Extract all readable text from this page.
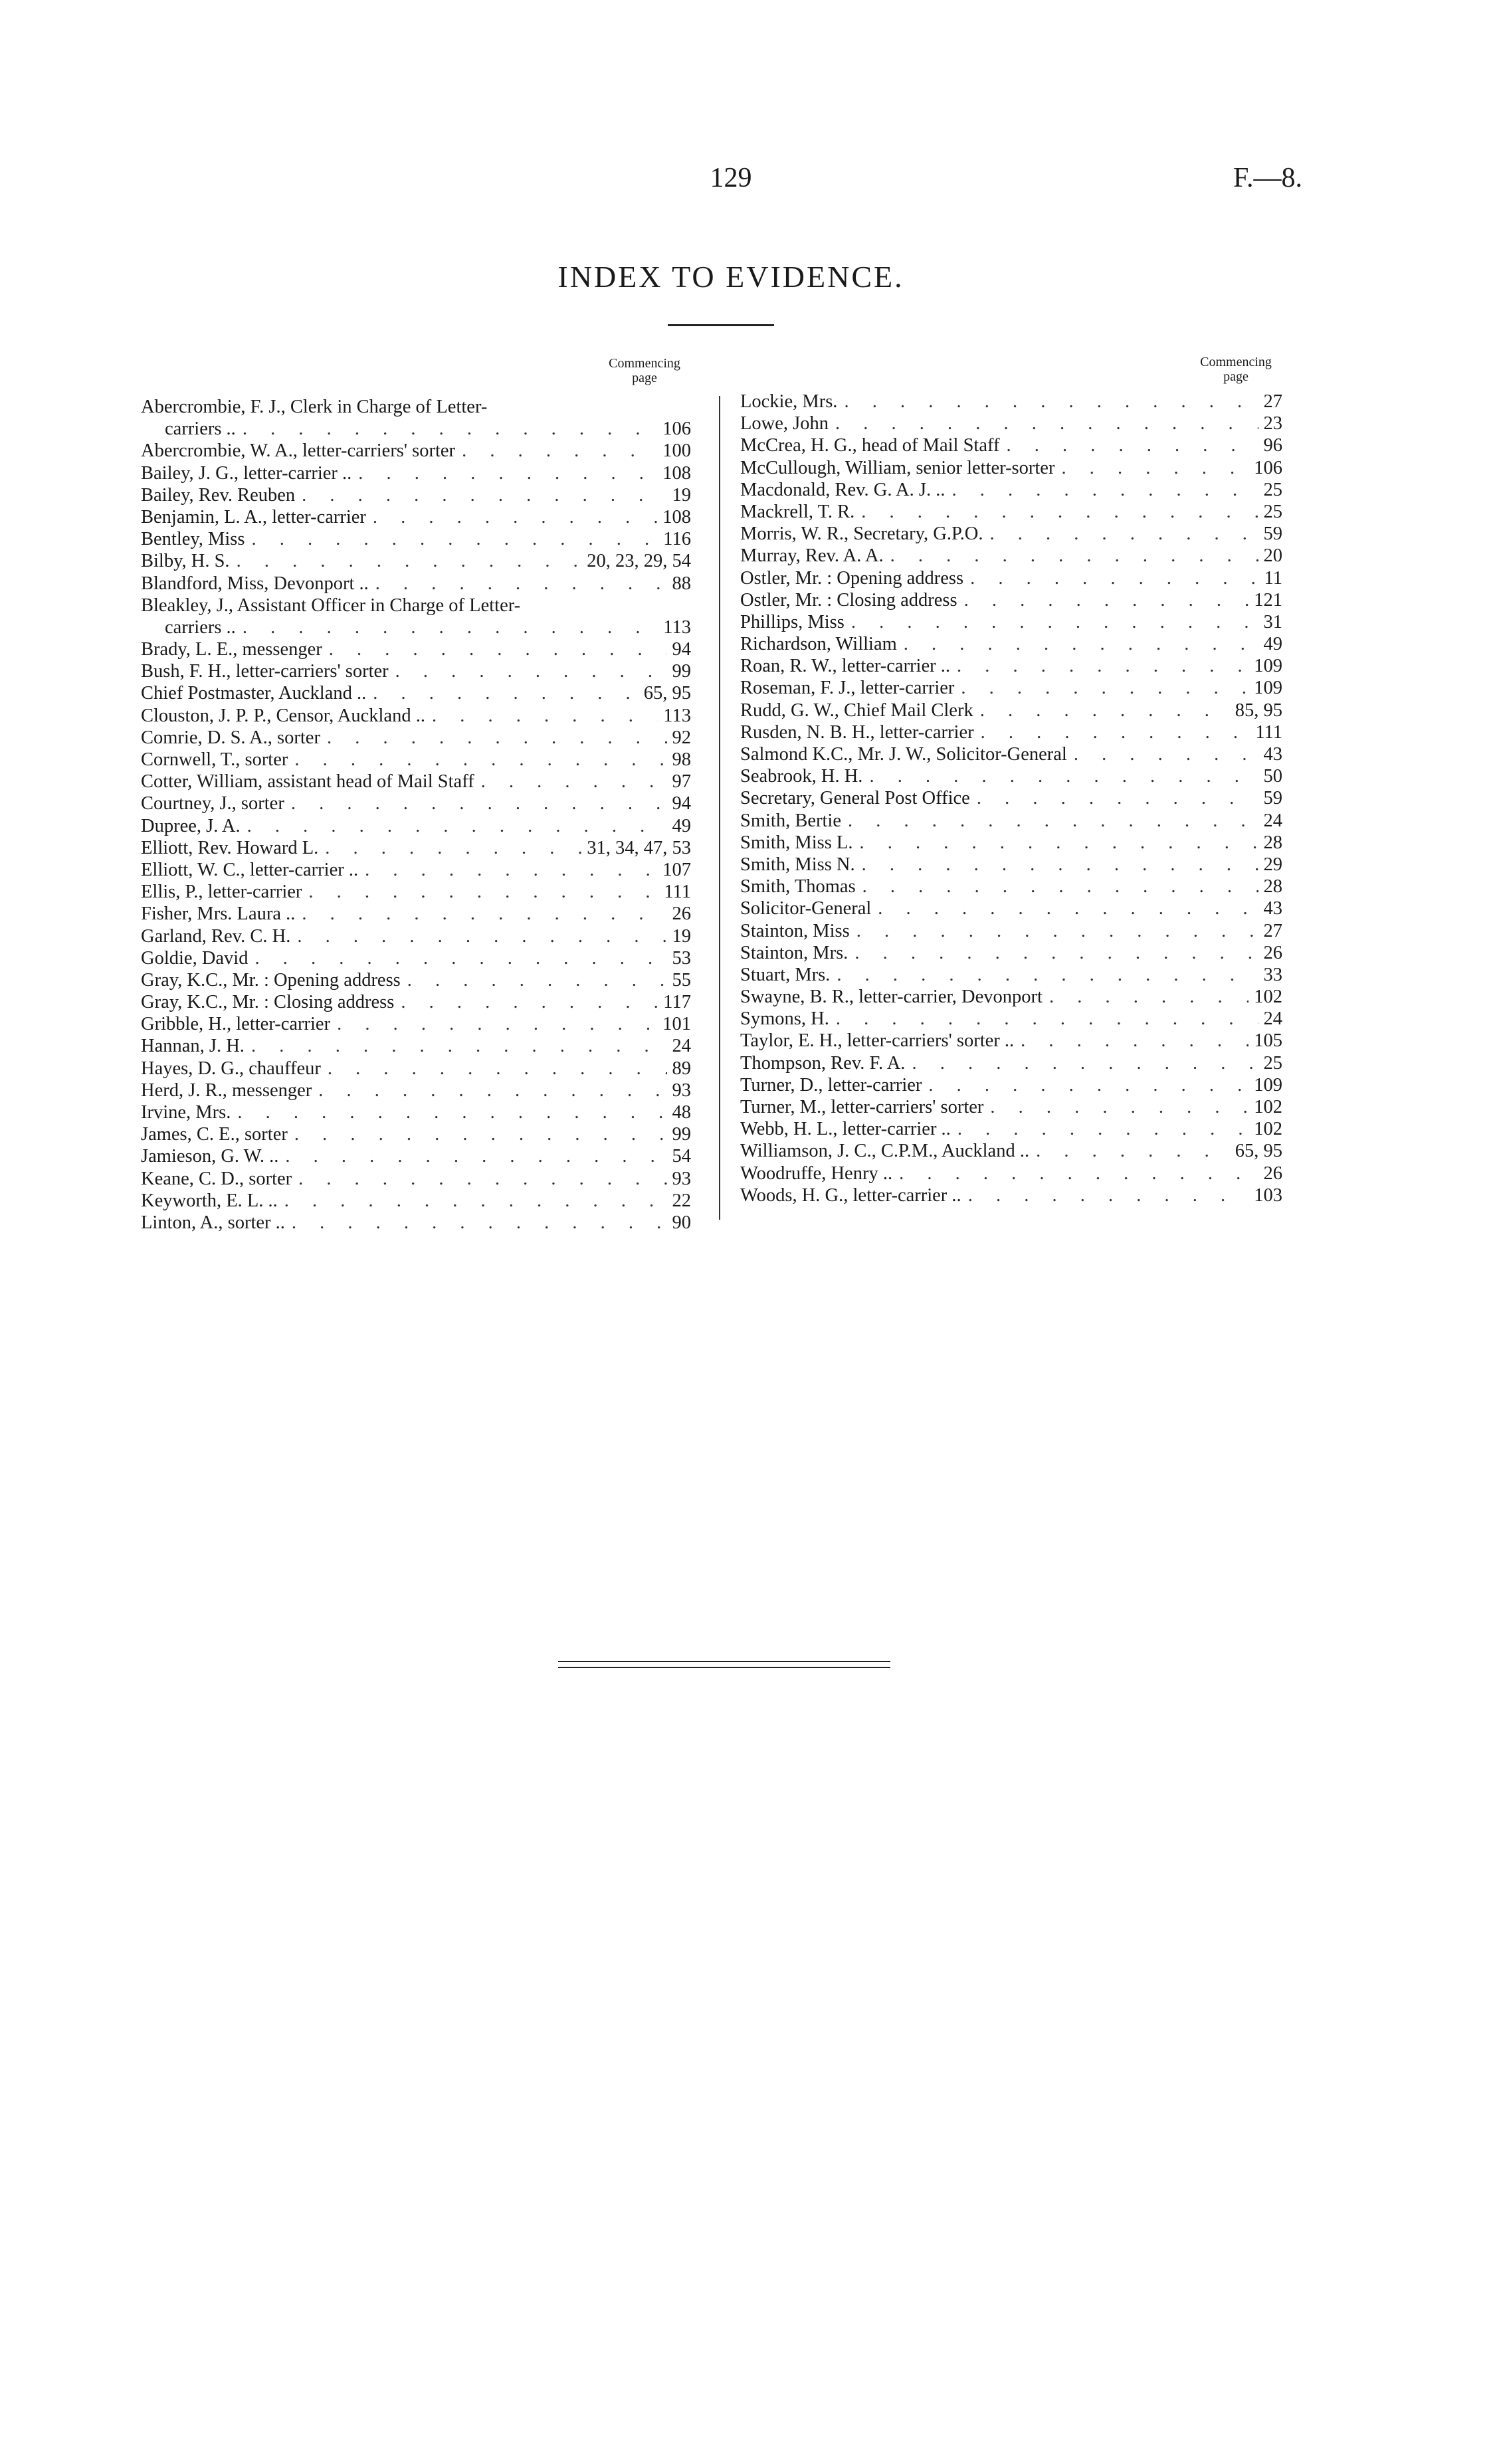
129	F.—8.
INDEX TO EVIDENCE.
Commencing page
Abercrombie, F. J., Clerk in Charge of Letter-
carriers .. . . .	106
Abercrombie, W. A., letter-carriers' sorter . . .	100
Bailey, J. G., letter-carrier .. . . .	108
Bailey, Rev. Reuben . . .	19
Benjamin, L. A., letter-carrier . . .	108
Bentley, Miss . . .	116
Bilby, H. S. . . .	20, 23, 29, 54
Blandford, Miss, Devonport .. . . .	88
Bleakley, J., Assistant Officer in Charge of Letter-
carriers .. . . .	113
Brady, L. E., messenger . . .	94
Bush, F. H., letter-carriers' sorter . . .	99
Chief Postmaster, Auckland .. . . .	65, 95
Clouston, J. P. P., Censor, Auckland .. . . .	113
Comrie, D. S. A., sorter . . .	92
Cornwell, T., sorter . . .	98
Cotter, William, assistant head of Mail Staff . . .	97
Courtney, J., sorter . . .	94
Dupree, J. A. . . .	49
Elliott, Rev. Howard L. . . .	31, 34, 47, 53
Elliott, W. C., letter-carrier .. . . .	107
Ellis, P., letter-carrier . . .	111
Fisher, Mrs. Laura .. . . .	26
Garland, Rev. C. H. . . .	19
Goldie, David . . .	53
Gray, K.C., Mr. : Opening address . . .	55
Gray, K.C., Mr. : Closing address . . .	117
Gribble, H., letter-carrier . . .	101
Hannan, J. H. . . .	24
Hayes, D. G., chauffeur . . .	89
Herd, J. R., messenger . . .	93
Irvine, Mrs. . . .	48
James, C. E., sorter . . .	99
Jamieson, G. W. .. . . .	54
Keane, C. D., sorter . . .	93
Keyworth, E. L. .. . . .	22
Linton, A., sorter .. . . .	90
Commencing page
Lockie, Mrs. . . .	27
Lowe, John . . .	23
McCrea, H. G., head of Mail Staff . . .	96
McCullough, William, senior letter-sorter . . .	106
Macdonald, Rev. G. A. J. .. . . .	25
Mackrell, T. R. . . .	25
Morris, W. R., Secretary, G.P.O. . . .	59
Murray, Rev. A. A. . . .	20
Ostler, Mr. : Opening address . . .	11
Ostler, Mr. : Closing address . . .	121
Phillips, Miss . . .	31
Richardson, William . . .	49
Roan, R. W., letter-carrier .. . . .	109
Roseman, F. J., letter-carrier . . .	109
Rudd, G. W., Chief Mail Clerk . . .	85, 95
Rusden, N. B. H., letter-carrier . . .	111
Salmond K.C., Mr. J. W., Solicitor-General . . .	43
Seabrook, H. H. . . .	50
Secretary, General Post Office . . .	59
Smith, Bertie . . .	24
Smith, Miss L. . . .	28
Smith, Miss N. . . .	29
Smith, Thomas . . .	28
Solicitor-General . . .	43
Stainton, Miss . . .	27
Stainton, Mrs. . . .	26
Stuart, Mrs. . . .	33
Swayne, B. R., letter-carrier, Devonport . . .	102
Symons, H. . . .	24
Taylor, E. H., letter-carriers' sorter .. . . .	105
Thompson, Rev. F. A. . . .	25
Turner, D., letter-carrier . . .	109
Turner, M., letter-carriers' sorter . . .	102
Webb, H. L., letter-carrier .. . . .	102
Williamson, J. C., C.P.M., Auckland .. . . .	65, 95
Woodruffe, Henry .. . . .	26
Woods, H. G., letter-carrier .. . . .	103
